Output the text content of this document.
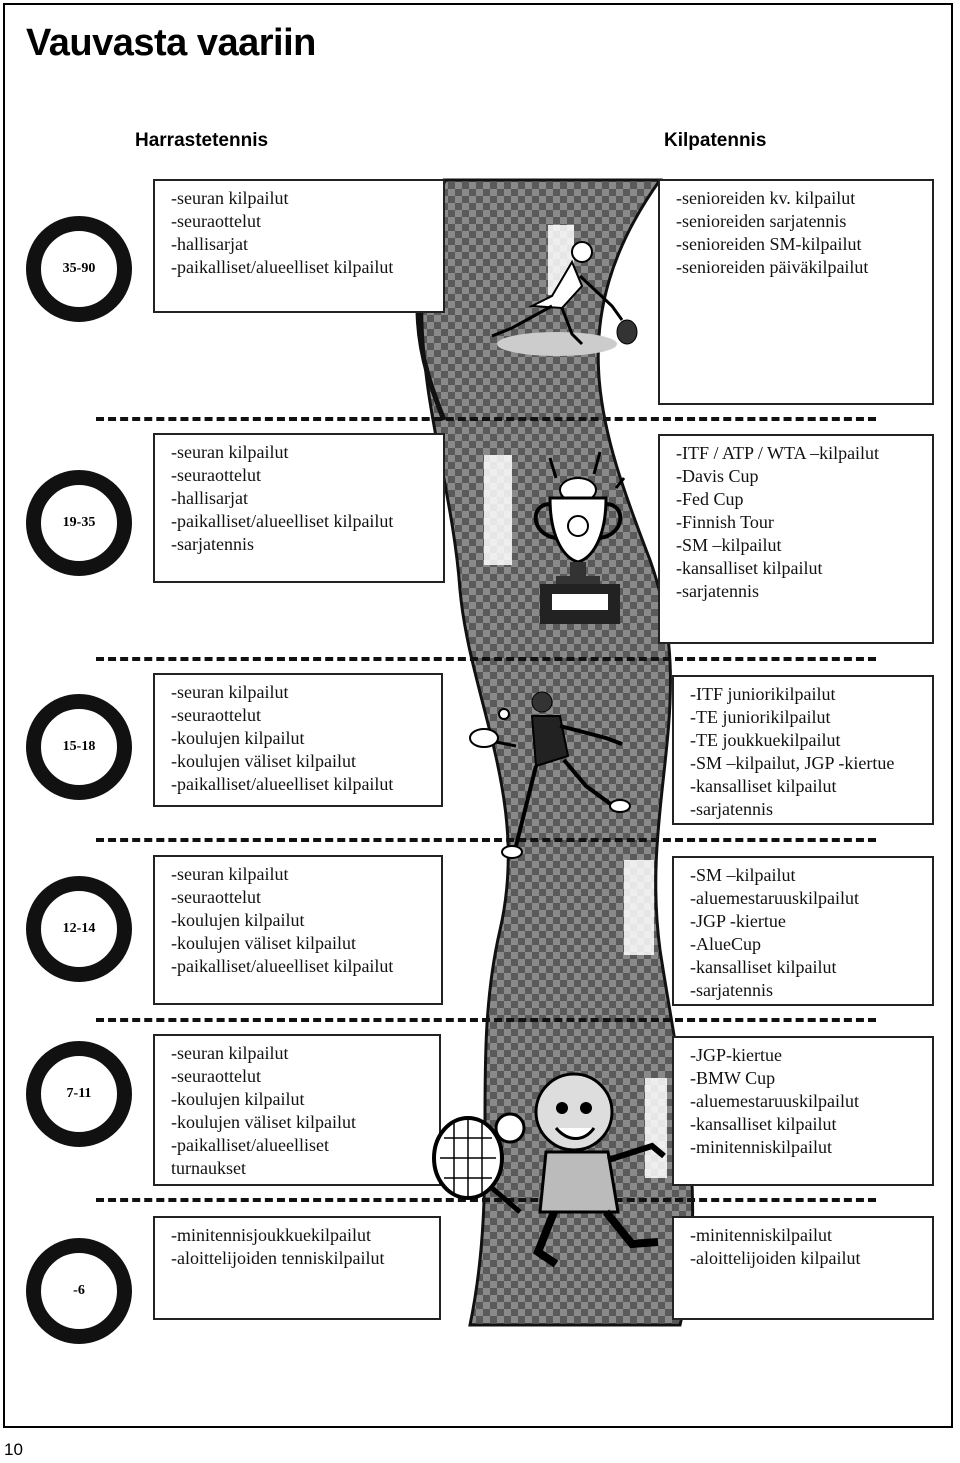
Vauvasta vaariin
Harrastetennis	Kilpatennis
35-90
-seuran kilpailut
-seuraottelut
-hallisarjat
-paikalliset/alueelliset kilpailut
-senioreiden kv. kilpailut
-senioreiden sarjatennis
-senioreiden SM-kilpailut
-senioreiden päiväkilpailut
19-35
-seuran kilpailut
-seuraottelut
-hallisarjat
-paikalliset/alueelliset kilpailut
-sarjatennis
-ITF / ATP / WTA –kilpailut
-Davis Cup
-Fed Cup
-Finnish Tour
-SM –kilpailut
-kansalliset kilpailut
-sarjatennis
15-18
-seuran kilpailut
-seuraottelut
-koulujen kilpailut
-koulujen väliset kilpailut
-paikalliset/alueelliset kilpailut
-ITF juniorikilpailut
-TE juniorikilpailut
-TE joukkuekilpailut
-SM –kilpailut, JGP -kiertue
-kansalliset kilpailut
-sarjatennis
12-14
-seuran kilpailut
-seuraottelut
-koulujen kilpailut
-koulujen väliset kilpailut
-paikalliset/alueelliset kilpailut
-SM –kilpailut
-aluemestaruuskilpailut
-JGP -kiertue
-AlueCup
-kansalliset kilpailut
-sarjatennis
7-11
-seuran kilpailut
-seuraottelut
-koulujen kilpailut
-koulujen väliset kilpailut
-paikalliset/alueelliset
turnaukset
-JGP-kiertue
-BMW Cup
-aluemestaruuskilpailut
-kansalliset kilpailut
-minitenniskilpailut
-6
-minitennisjoukkuekilpailut
-aloittelijoiden tenniskilpailut
-minitenniskilpailut
-aloittelijoiden kilpailut
10
